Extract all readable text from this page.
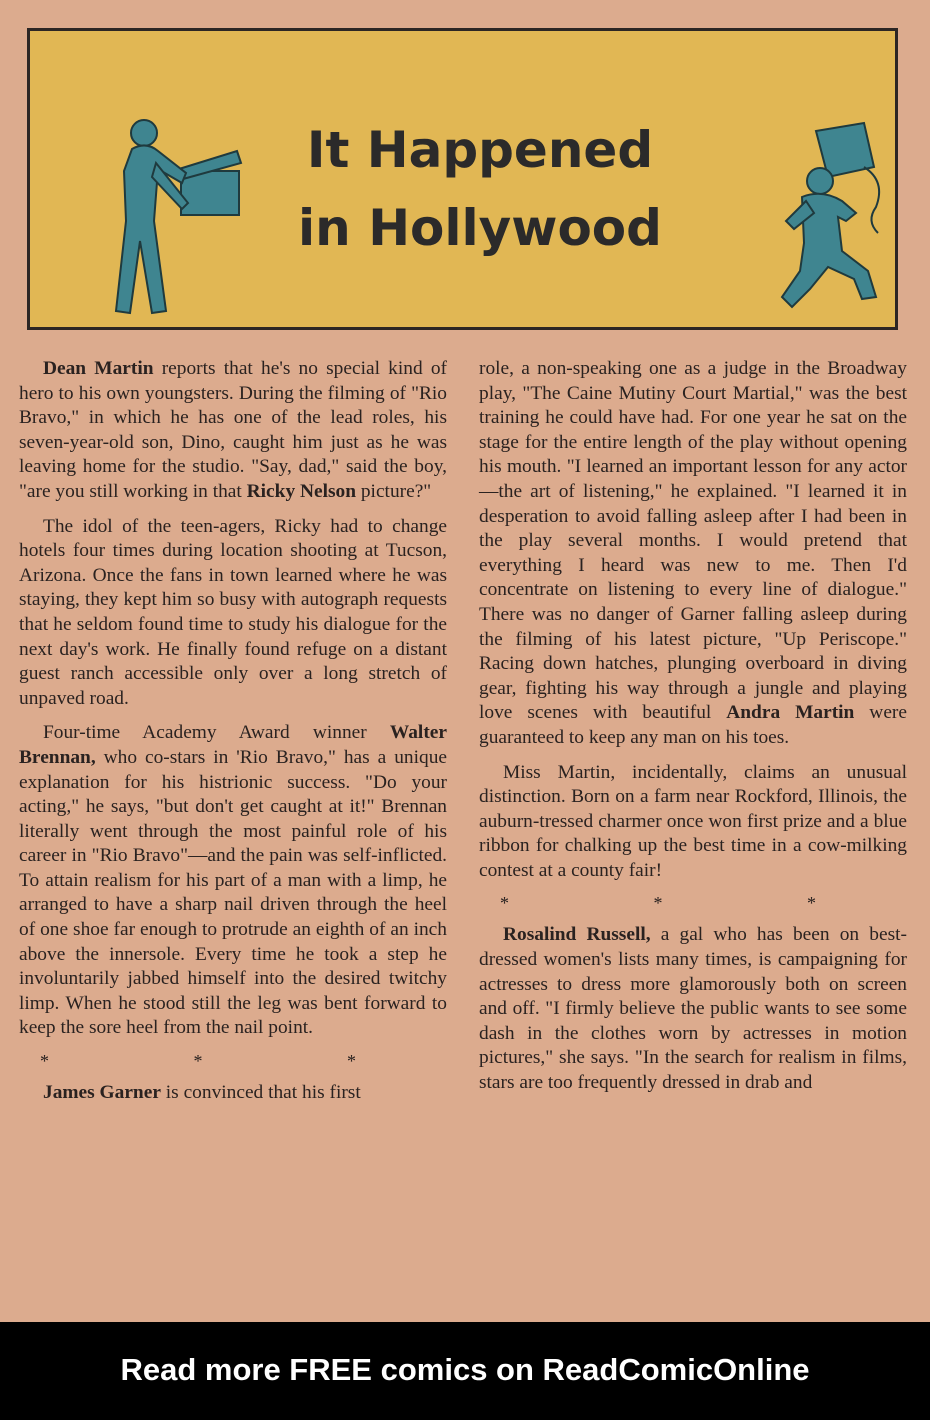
It Happened
in Hollywood

Dean Martin reports that he's no special kind of hero to his own youngsters. During the filming of "Rio Bravo," in which he has one of the lead roles, his seven-year-old son, Dino, caught him just as he was leaving home for the studio. "Say, dad," said the boy, "are you still working in that Ricky Nelson picture?"

The idol of the teen-agers, Ricky had to change hotels four times during location shooting at Tucson, Arizona. Once the fans in town learned where he was staying, they kept him so busy with autograph requests that he seldom found time to study his dialogue for the next day's work. He finally found refuge on a distant guest ranch accessible only over a long stretch of unpaved road.

Four-time Academy Award winner Walter Brennan, who co-stars in 'Rio Bravo," has a unique explanation for his histrionic success. "Do your acting," he says, "but don't get caught at it!" Brennan literally went through the most painful role of his career in "Rio Bravo"—and the pain was self-inflicted. To attain realism for his part of a man with a limp, he arranged to have a sharp nail driven through the heel of one shoe far enough to protrude an eighth of an inch above the innersole. Every time he took a step he involuntarily jabbed himself into the desired twitchy limp. When he stood still the leg was bent forward to keep the sore heel from the nail point.

* * *

James Garner is convinced that his first

role, a non-speaking one as a judge in the Broadway play, "The Caine Mutiny Court Martial," was the best training he could have had. For one year he sat on the stage for the entire length of the play without opening his mouth. "I learned an important lesson for any actor—the art of listening," he explained. "I learned it in desperation to avoid falling asleep after I had been in the play several months. I would pretend that everything I heard was new to me. Then I'd concentrate on listening to every line of dialogue." There was no danger of Garner falling asleep during the filming of his latest picture, "Up Periscope." Racing down hatches, plunging overboard in diving gear, fighting his way through a jungle and playing love scenes with beautiful Andra Martin were guaranteed to keep any man on his toes.

Miss Martin, incidentally, claims an unusual distinction. Born on a farm near Rockford, Illinois, the auburn-tressed charmer once won first prize and a blue ribbon for chalking up the best time in a cow-milking contest at a county fair!

* * *

Rosalind Russell, a gal who has been on best-dressed women's lists many times, is campaigning for actresses to dress more glamorously both on screen and off. "I firmly believe the public wants to see some dash in the clothes worn by actresses in motion pictures," she says. "In the search for realism in films, stars are too frequently dressed in drab and

Read more FREE comics on ReadComicOnline
